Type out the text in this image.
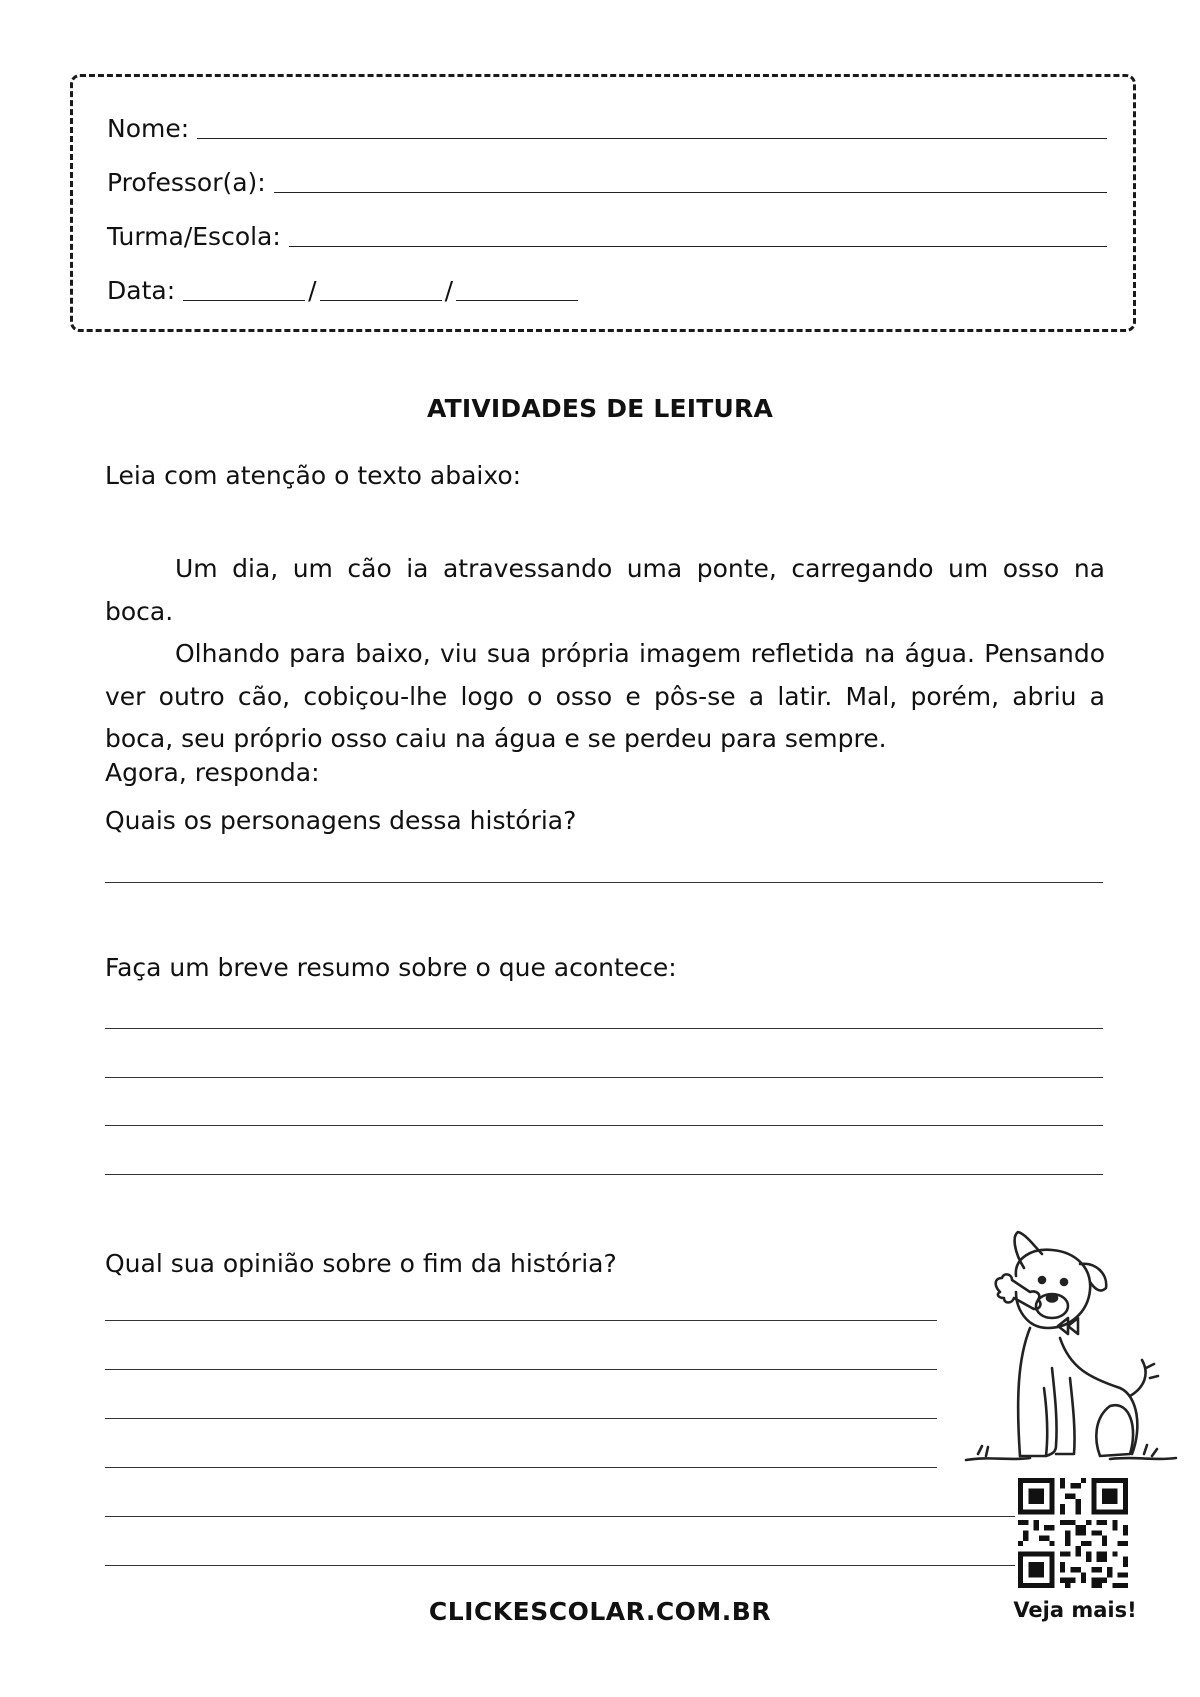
Nome:
Professor(a):
Turma/Escola:
Data:	/	/
ATIVIDADES DE LEITURA
Leia com atenção o texto abaixo:

Um dia, um cão ia atravessando uma ponte, carregando um osso na boca.

Olhando para baixo, viu sua própria imagem refletida na água. Pensando ver outro cão, cobiçou-lhe logo o osso e pôs-se a latir. Mal, porém, abriu a boca, seu próprio osso caiu na água e se perdeu para sempre.

Agora, responda:
Quais os personagens dessa história?
Faça um breve resumo sobre o que acontece:
Qual sua opinião sobre o fim da história?
Veja mais!
CLICKESCOLAR.COM.BR
